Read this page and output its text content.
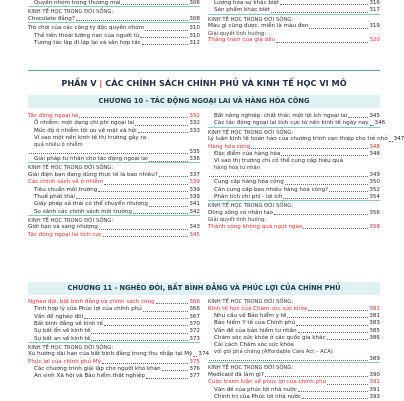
Quyền nhóm trong thương mại	306
KINH TẾ HỌC TRONG ĐỜI SỐNG:
Chocolate đắng?	308
Trò chơi của các công ty độc quyền nhóm	310
Thế tiến thoái lưỡng nan của người tù	310
Tương tác lặp đi lặp lại và sấn hợp tác	312
Lượng hóa sự khác biệt	316
Sản phẩm khác biệt	317
KINH TẾ HỌC TRONG ĐỜI SỐNG:
Màu gì cũng được, miễn là màu đen	319
Giải quyết tình huống:
Thắng trăm của giá dầu	320
PHẦN V | CÁC CHÍNH SÁCH CHÍNH PHỦ VÀ KINH TẾ HỌC VI MÔ
CHƯƠNG 10 - TÁC ĐỘNG NGOẠI LAI VÀ HÀNG HÓA CÔNG
Tác động ngoại lai	332
Ô nhiễm: một dạng chi phí ngoại lai	332
Mức độ ô nhiễm tối ưu về mặt xã hội	333
Ví sao một nền kinh tế thị trường gây ra
quá nhiều ô nhiễm
335
Giải pháp tư nhân cho tác động ngoại lai	336
KINH TẾ HỌC TRONG ĐỜI SỐNG:
Giải điện bạn đang dùng thực tế là bao nhiêu?	337
Các chính sách về ô nhiễm	339
Tiêu chuẩn môi trường	339
Thuế phát thải	339
Giấy phép xả thải có thể chuyển nhượng	341
So sánh các chính sách môi trường	342
KINH TẾ HỌC TRONG ĐỜI SỐNG:
Giới hạn và sang nhượng	343
Tác động ngoại lai tích cực	345
Bất nông nghiệp: chất thải: một lợi ích ngoại lai	345
Các tác động ngoại lai tích cực từ nền kinh tế ngày nay 346
KINH TẾ HỌC TRONG ĐỜI SỐNG:
Lý luận kinh tế hoàn hảo của chương trình can thiệp cho trẻ nhỏ 347
Hàng hóa công	348
Đặc điểm của hàng hóa	348
Vì sao thị trường chỉ có thể cung cấp hiệu quả
hàng hóa tư nhân
349
Cung cấp hàng hóa công	350
Cần cung cấp bao nhiêu hàng hóa công?	352
Phân tích chi phí - lợi ích	354
KINH TẾ HỌC TRONG ĐỜI SỐNG:
Dòng sông có nhân tạo	356
Giải quyết tình huống:
Thành công không quá ngọt ngào	358
CHƯƠNG 11 - NGHÈO ĐÓI, BẤT BÌNH ĐẲNG VÀ PHÚC LỢI CỦA CHÍNH PHỦ
Nghèo đói, bất bình đẳng và chính sách công	366
Tình hợp lý của Phúc lợi của chính phủ	366
Vấn đề nghèo đói	367
Bất bình đẳng về kinh tế	370
Sự bất ổn về kinh tế	372
Sự bất an về kinh tế	373
KINH TẾ HỌC TRONG ĐỜI SỐNG:
Xu hướng dài hạn của bất bình đẳng trong thu nhập tại Mỹ 374
Phúc lợi của chính phủ Mỹ	375
Các chương trình giải lập cho người khó khăn	376
An sinh Xã hội và Bảo hiểm thất nghiệp	377
KINH TẾ HỌC TRONG ĐỜI SỐNG:
Kinh tế học của Chăm sóc sức khỏe	381
Nhu cầu về Bảo hiểm y tế	381
Bảo hiểm Y tế của Chính phủ	383
Vấn đề của bảo hiểm tư nhân	385
Chăm sóc sức khỏe ở các quốc gia khác	386
Cải cách Chăm sóc sức khỏe
với gói phả chăng (Affordable Care Act – ACA)
389
KINH TẾ HỌC TRONG ĐỜI SỐNG:
Medicaid đã làm gì?	390
Cuộc tranh luận về phúc lợi của chính phủ	391
Vấn đề của phúc lợi nhà nước	391
Chính trị của Phúc lợi nhà nước	393
